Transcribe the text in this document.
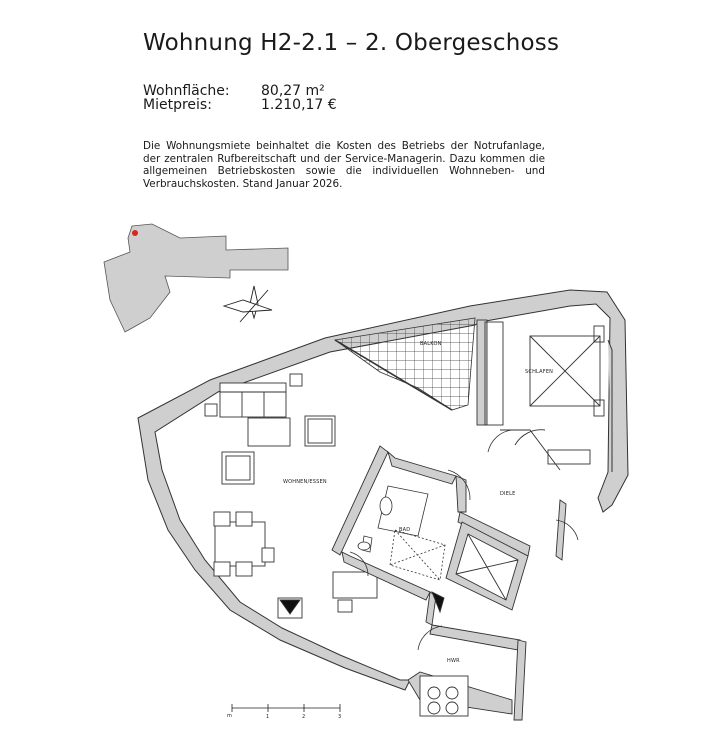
Wohnung H2-2.1 – 2. Obergeschoss
Wohnfläche: 80,27 m²
Mietpreis:	1.210,17 €
Die Wohnungsmiete beinhaltet die Kosten des Betriebs der Notrufanlage, der zentralen Rufbereitschaft und der Service-Managerin. Dazu kommen die allgemeinen Betriebskosten sowie die individuellen Wohnneben- und Verbrauchskosten. Stand Januar 2026.
BALKON
SCHLAFEN
WOHNEN/ESSEN
DIELE
BAD
HWR
m	1	2	3
